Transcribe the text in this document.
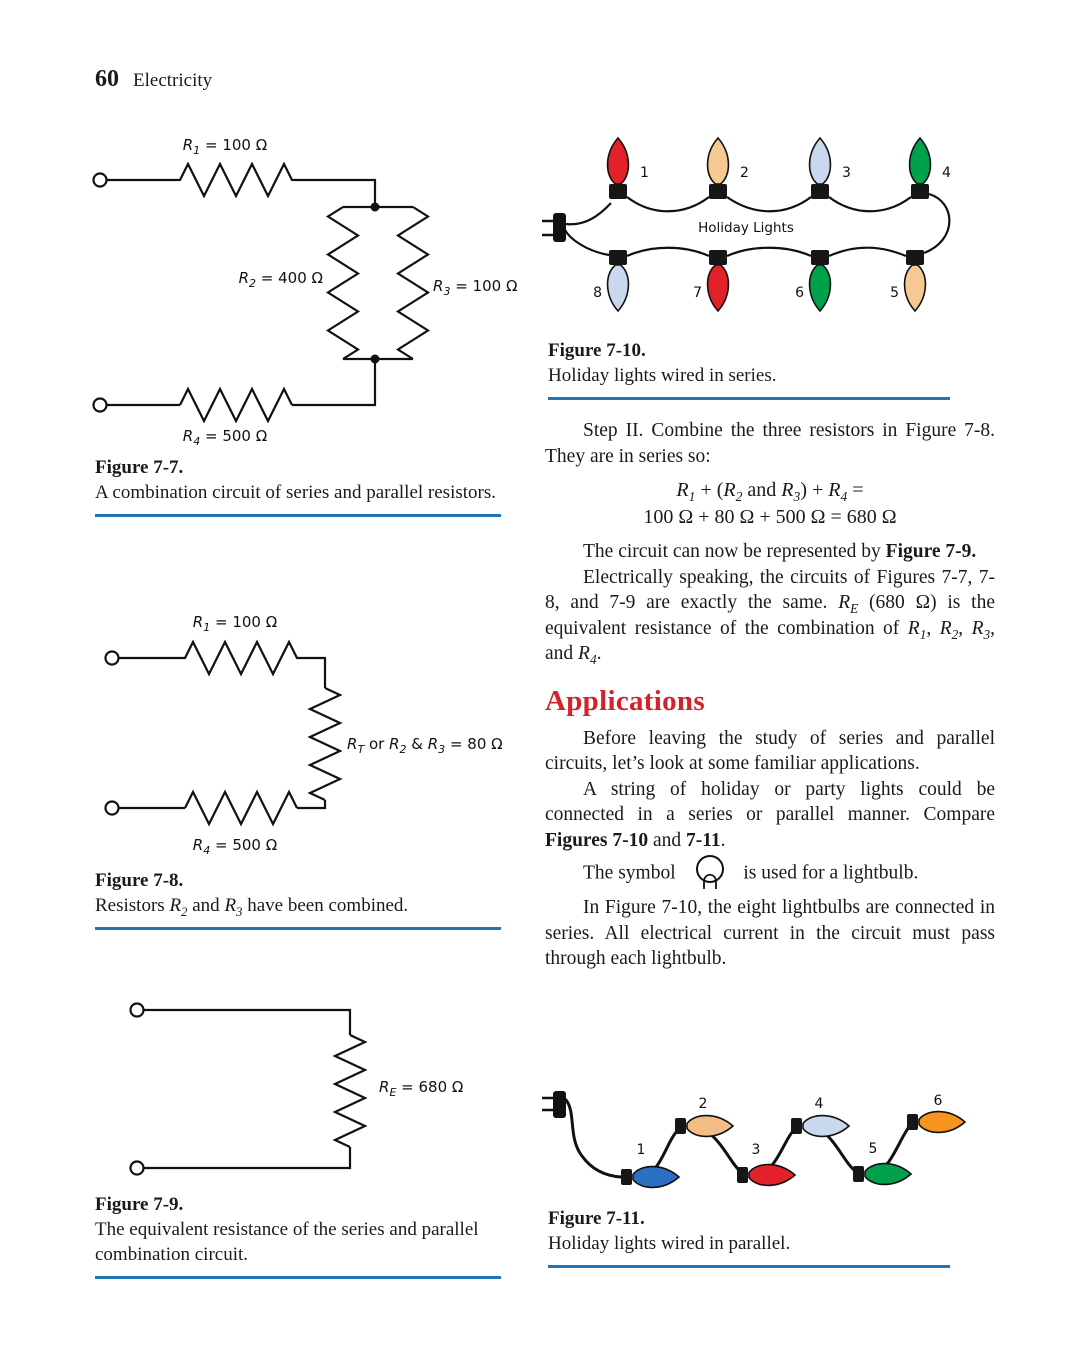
60 Electricity
$R_1 = 100$ Ω
$R_2 = 400$ Ω	$R_3 = 100$ Ω
$R_4 = 500$ Ω
Figure 7-7.
A combination circuit of series and parallel resistors.
$R_1 = 100$ Ω
$R_T$ or $R_2$ & $R_3 = 80$ Ω
$R_4 = 500$ Ω
Figure 7-8.
Resistors $R_2$ and $R_3$ have been combined.
$R_E = 680$ Ω
Figure 7-9.
The equivalent resistance of the series and parallel combination circuit.
Holiday Lights
1	2	3	4
8	7	6	5
Figure 7-10.
Holiday lights wired in series.

Step II. Combine the three resistors in Figure 7-8. They are in series so:

$R_1 + (R_2$ and $R_3) + R_4$ =
100 Ω + 80 Ω + 500 Ω = 680 Ω

The circuit can now be represented by Figure 7-9.

Electrically speaking, the circuits of Figures 7-7, 7-8, and 7-9 are exactly the same. $R_E$ (680 Ω) is the equivalent resistance of the combination of $R_1$, $R_2$, $R_3$, and $R_4$.

Applications

Before leaving the study of series and parallel circuits, let’s look at some familiar applications.

A string of holiday or party lights could be connected in a series or parallel manner. Compare Figures 7-10 and 7-11.

The symbol	is used for a lightbulb.

In Figure 7-10, the eight lightbulbs are connected in series. All electrical current in the circuit must pass through each lightbulb.

1
2
3
4
5
6
Figure 7-11.
Holiday lights wired in parallel.
